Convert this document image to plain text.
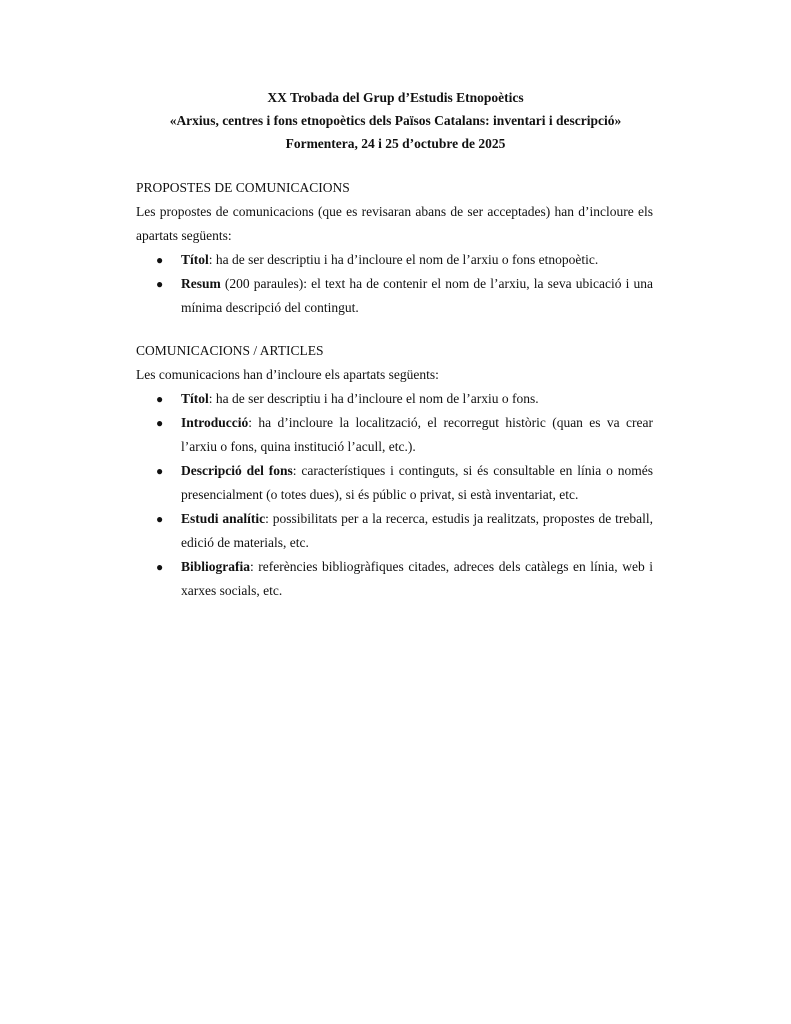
XX Trobada del Grup d’Estudis Etnopoètics
«Arxius, centres i fons etnopoètics dels Països Catalans: inventari i descripció»
Formentera, 24 i 25 d’octubre de 2025
PROPOSTES DE COMUNICACIONS
Les propostes de comunicacions (que es revisaran abans de ser acceptades) han d’incloure els apartats següents:
● Títol: ha de ser descriptiu i ha d’incloure el nom de l’arxiu o fons etnopoètic.
● Resum (200 paraules): el text ha de contenir el nom de l’arxiu, la seva ubicació i una mínima descripció del contingut.
COMUNICACIONS / ARTICLES
Les comunicacions han d’incloure els apartats següents:
● Títol: ha de ser descriptiu i ha d’incloure el nom de l’arxiu o fons.
● Introducció: ha d’incloure la localització, el recorregut històric (quan es va crear l’arxiu o fons, quina institució l’acull, etc.).
● Descripció del fons: característiques i continguts, si és consultable en línia o només presencialment (o totes dues), si és públic o privat, si està inventariat, etc.
● Estudi analític: possibilitats per a la recerca, estudis ja realitzats, propostes de treball, edició de materials, etc.
● Bibliografia: referències bibliogràfiques citades, adreces dels catàlegs en línia, web i xarxes socials, etc.
